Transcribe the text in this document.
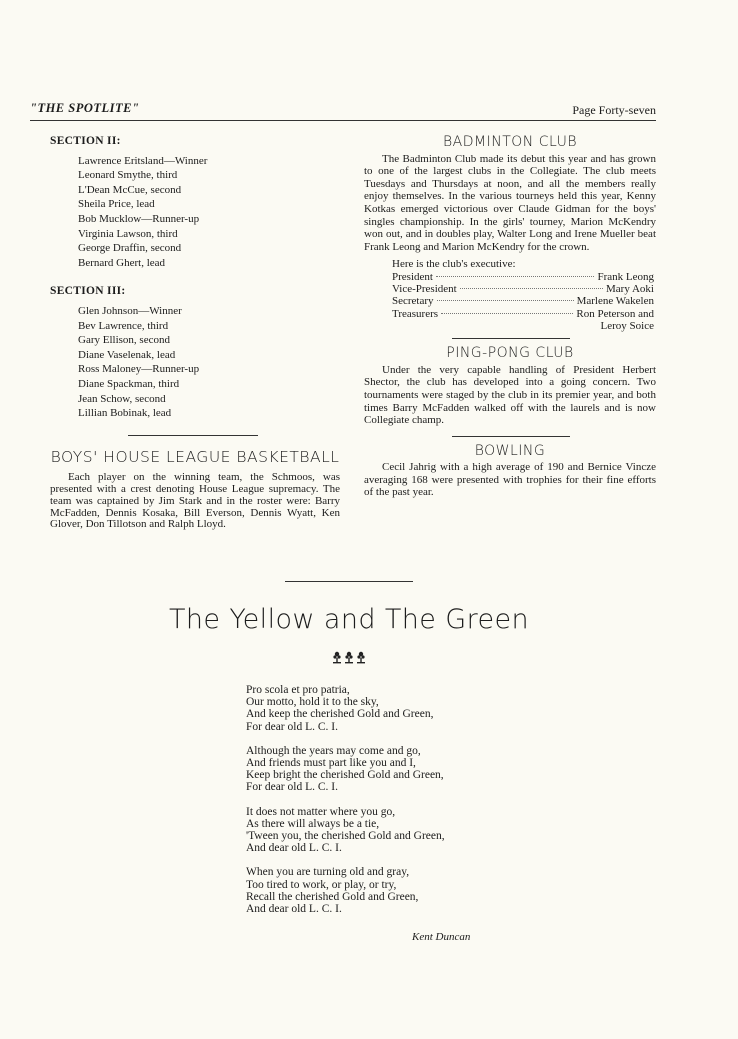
"THE SPOTLITE"	Page Forty-seven
SECTION II:
Lawrence Eritsland—Winner
Leonard Smythe, third
L'Dean McCue, second
Sheila Price, lead
Bob Mucklow—Runner-up
Virginia Lawson, third
George Draffin, second
Bernard Ghert, lead
SECTION III:
Glen Johnson—Winner
Bev Lawrence, third
Gary Ellison, second
Diane Vaselenak, lead
Ross Maloney—Runner-up
Diane Spackman, third
Jean Schow, second
Lillian Bobinak, lead
BOYS' HOUSE LEAGUE BASKETBALL

Each player on the winning team, the Schmoos, was presented with a crest denoting House League supremacy. The team was captained by Jim Stark and in the roster were: Barry McFadden, Dennis Kosaka, Bill Everson, Dennis Wyatt, Ken Glover, Don Tillotson and Ralph Lloyd.

BADMINTON CLUB

The Badminton Club made its debut this year and has grown to one of the largest clubs in the Collegiate. The club meets Tuesdays and Thursdays at noon, and all the members really enjoy themselves. In the various tourneys held this year, Kenny Kotkas emerged victorious over Claude Gidman for the boys' singles championship. In the girls' tourney, Marion McKendry won out, and in doubles play, Walter Long and Irene Mueller beat Frank Leong and Marion McKendry for the crown.

Here is the club's executive:
President	Frank Leong
Vice-President	Mary Aoki
Secretary	Marlene Wakelen
Treasurers	Ron Peterson and
Leroy Soice
PING-PONG CLUB

Under the very capable handling of President Herbert Shector, the club has developed into a going concern. Two tournaments were staged by the club in its premier year, and both times Barry McFadden walked off with the laurels and is now Collegiate champ.

BOWLING

Cecil Jahrig with a high average of 190 and Bernice Vincze averaging 168 were presented with trophies for their fine efforts of the past year.

The Yellow and The Green
Pro scola et pro patria,
Our motto, hold it to the sky,
And keep the cherished Gold and Green,
For dear old L. C. I.
Although the years may come and go,
And friends must part like you and I,
Keep bright the cherished Gold and Green,
For dear old L. C. I.
It does not matter where you go,
As there will always be a tie,
'Tween you, the cherished Gold and Green,
And dear old L. C. I.
When you are turning old and gray,
Too tired to work, or play, or try,
Recall the cherished Gold and Green,
And dear old L. C. I.
Kent Duncan
